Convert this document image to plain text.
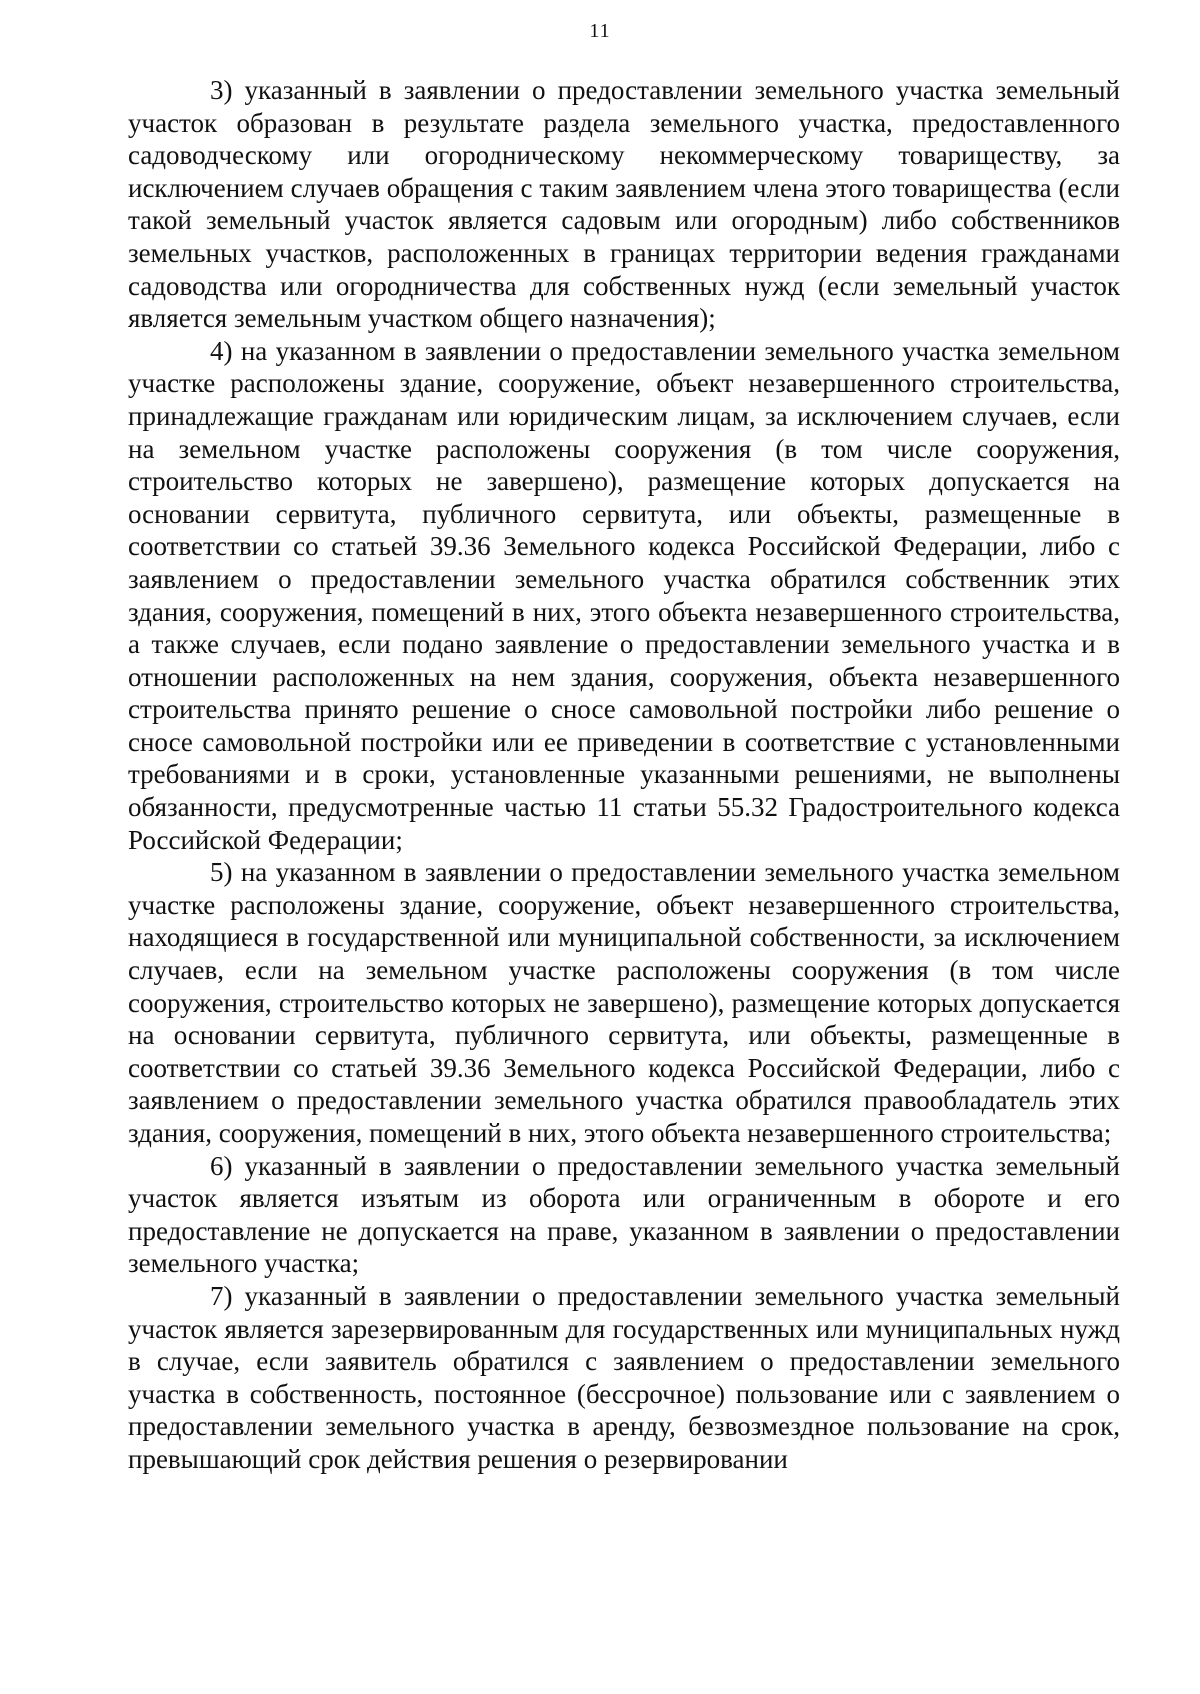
11

3) указанный в заявлении о предоставлении земельного участка земельный участок образован в результате раздела земельного участка, предоставленного садоводческому или огородническому некоммерческому товариществу, за исключением случаев обращения с таким заявлением члена этого товарищества (если такой земельный участок является садовым или огородным) либо собственников земельных участков, расположенных в границах территории ведения гражданами садоводства или огородничества для собственных нужд (если земельный участок является земельным участком общего назначения);

4) на указанном в заявлении о предоставлении земельного участка земельном участке расположены здание, сооружение, объект незавершенного строительства, принадлежащие гражданам или юридическим лицам, за исключением случаев, если на земельном участке расположены сооружения (в том числе сооружения, строительство которых не завершено), размещение которых допускается на основании сервитута, публичного сервитута, или объекты, размещенные в соответствии со статьей 39.36 Земельного кодекса Российской Федерации, либо с заявлением о предоставлении земельного участка обратился собственник этих здания, сооружения, помещений в них, этого объекта незавершенного строительства, а также случаев, если подано заявление о предоставлении земельного участка и в отношении расположенных на нем здания, сооружения, объекта незавершенного строительства принято решение о сносе самовольной постройки либо решение о сносе самовольной постройки или ее приведении в соответствие с установленными требованиями и в сроки, установленные указанными решениями, не выполнены обязанности, предусмотренные частью 11 статьи 55.32 Градостроительного кодекса Российской Федерации;

5) на указанном в заявлении о предоставлении земельного участка земельном участке расположены здание, сооружение, объект незавершенного строительства, находящиеся в государственной или муниципальной собственности, за исключением случаев, если на земельном участке расположены сооружения (в том числе сооружения, строительство которых не завершено), размещение которых допускается на основании сервитута, публичного сервитута, или объекты, размещенные в соответствии со статьей 39.36 Земельного кодекса Российской Федерации, либо с заявлением о предоставлении земельного участка обратился правообладатель этих здания, сооружения, помещений в них, этого объекта незавершенного строительства;

6) указанный в заявлении о предоставлении земельного участка земельный участок является изъятым из оборота или ограниченным в обороте и его предоставление не допускается на праве, указанном в заявлении о предоставлении земельного участка;

7) указанный в заявлении о предоставлении земельного участка земельный участок является зарезервированным для государственных или муниципальных нужд в случае, если заявитель обратился с заявлением о предоставлении земельного участка в собственность, постоянное (бессрочное) пользование или с заявлением о предоставлении земельного участка в аренду, безвозмездное пользование на срок, превышающий срок действия решения о резервировании
